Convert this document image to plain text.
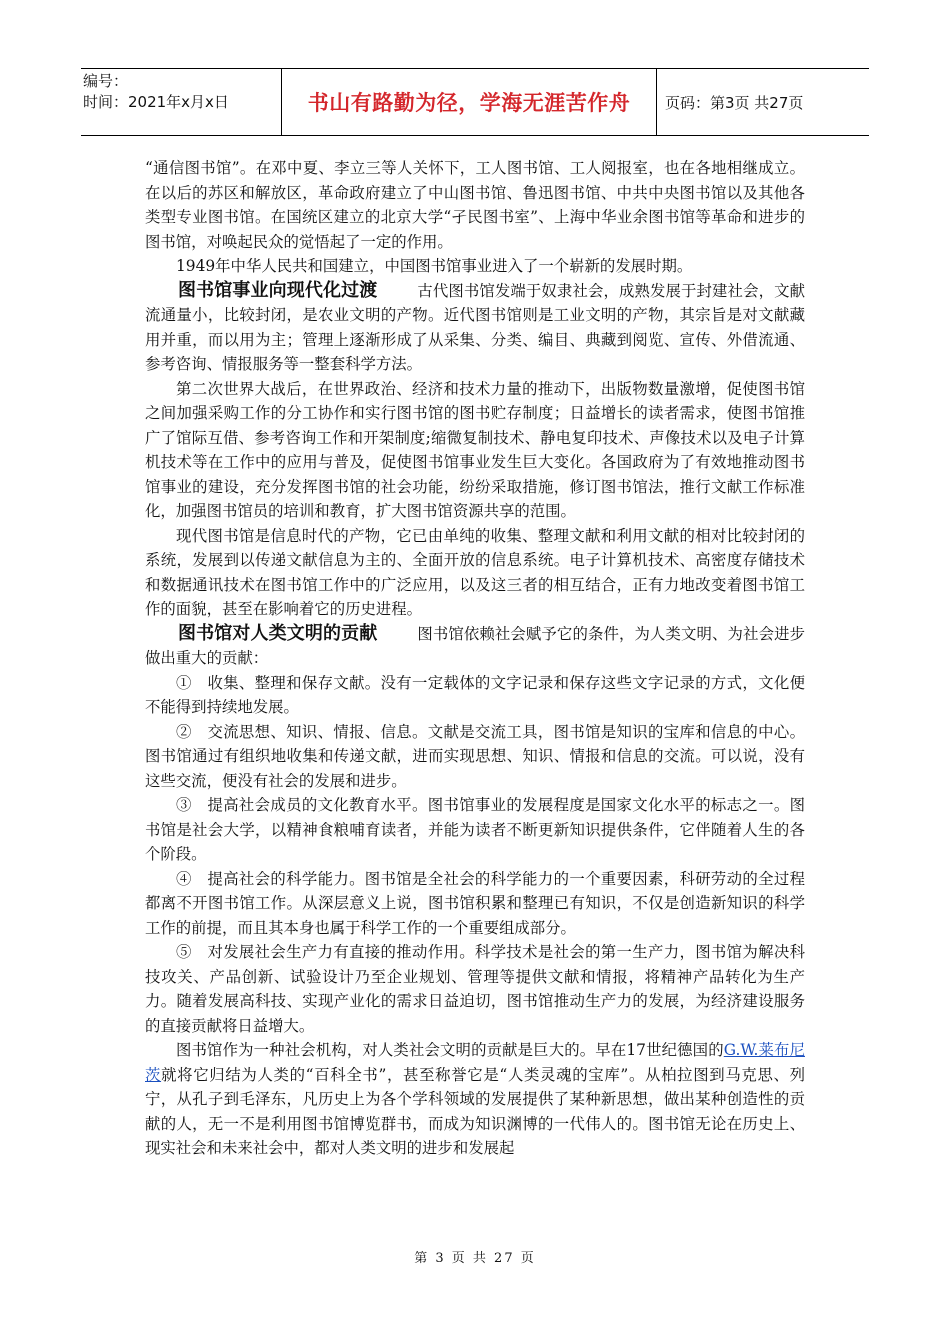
编号：
时间：2021年x月x日	书山有路勤为径，学海无涯苦作舟	页码：第3页 共27页

“通信图书馆”。在邓中夏、李立三等人关怀下，工人图书馆、工人阅报室，也在各地相继成立。在以后的苏区和解放区，革命政府建立了中山图书馆、鲁迅图书馆、中共中央图书馆以及其他各类型专业图书馆。在国统区建立的北京大学“孑民图书室”、上海中华业余图书馆等革命和进步的图书馆，对唤起民众的觉悟起了一定的作用。

1949年中华人民共和国建立，中国图书馆事业进入了一个崭新的发展时期。

图书馆事业向现代化过渡	古代图书馆发端于奴隶社会，成熟发展于封建社会，文献流通量小，比较封闭，是农业文明的产物。近代图书馆则是工业文明的产物，其宗旨是对文献藏用并重，而以用为主；管理上逐渐形成了从采集、分类、编目、典藏到阅览、宣传、外借流通、参考咨询、情报服务等一整套科学方法。

第二次世界大战后，在世界政治、经济和技术力量的推动下，出版物数量激增，促使图书馆之间加强采购工作的分工协作和实行图书馆的图书贮存制度；日益增长的读者需求，使图书馆推广了馆际互借、参考咨询工作和开架制度;缩微复制技术、静电复印技术、声像技术以及电子计算机技术等在工作中的应用与普及，促使图书馆事业发生巨大变化。各国政府为了有效地推动图书馆事业的建设，充分发挥图书馆的社会功能，纷纷采取措施，修订图书馆法，推行文献工作标准化，加强图书馆员的培训和教育，扩大图书馆资源共享的范围。

现代图书馆是信息时代的产物，它已由单纯的收集、整理文献和利用文献的相对比较封闭的系统，发展到以传递文献信息为主的、全面开放的信息系统。电子计算机技术、高密度存储技术和数据通讯技术在图书馆工作中的广泛应用，以及这三者的相互结合，正有力地改变着图书馆工作的面貌，甚至在影响着它的历史进程。

图书馆对人类文明的贡献	图书馆依赖社会赋予它的条件，为人类文明、为社会进步做出重大的贡献：

①　收集、整理和保存文献。没有一定载体的文字记录和保存这些文字记录的方式，文化便不能得到持续地发展。

②　交流思想、知识、情报、信息。文献是交流工具，图书馆是知识的宝库和信息的中心。图书馆通过有组织地收集和传递文献，进而实现思想、知识、情报和信息的交流。可以说，没有这些交流，便没有社会的发展和进步。

③　提高社会成员的文化教育水平。图书馆事业的发展程度是国家文化水平的标志之一。图书馆是社会大学，以精神食粮哺育读者，并能为读者不断更新知识提供条件，它伴随着人生的各个阶段。

④　提高社会的科学能力。图书馆是全社会的科学能力的一个重要因素，科研劳动的全过程都离不开图书馆工作。从深层意义上说，图书馆积累和整理已有知识，不仅是创造新知识的科学工作的前提，而且其本身也属于科学工作的一个重要组成部分。

⑤　对发展社会生产力有直接的推动作用。科学技术是社会的第一生产力，图书馆为解决科技攻关、产品创新、试验设计乃至企业规划、管理等提供文献和情报，将精神产品转化为生产力。随着发展高科技、实现产业化的需求日益迫切，图书馆推动生产力的发展，为经济建设服务的直接贡献将日益增大。

图书馆作为一种社会机构，对人类社会文明的贡献是巨大的。早在17世纪德国的G.W.莱布尼茨就将它归结为人类的“百科全书”，甚至称誉它是“人类灵魂的宝库”。从柏拉图到马克思、列宁，从孔子到毛泽东，凡历史上为各个学科领域的发展提供了某种新思想，做出某种创造性的贡献的人，无一不是利用图书馆博览群书，而成为知识渊博的一代伟人的。图书馆无论在历史上、现实社会和未来社会中，都对人类文明的进步和发展起

第 3 页 共 27 页
